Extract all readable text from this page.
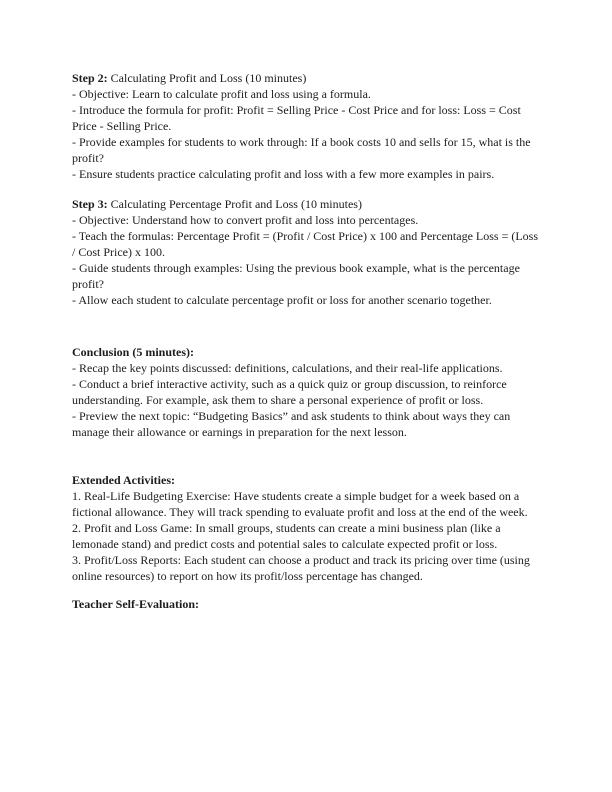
Step 2: Calculating Profit and Loss (10 minutes)
- Objective: Learn to calculate profit and loss using a formula.
- Introduce the formula for profit: Profit = Selling Price - Cost Price and for loss: Loss = Cost
Price - Selling Price.
- Provide examples for students to work through: If a book costs 10 and sells for 15, what is the
profit?
- Ensure students practice calculating profit and loss with a few more examples in pairs.
Step 3: Calculating Percentage Profit and Loss (10 minutes)
- Objective: Understand how to convert profit and loss into percentages.
- Teach the formulas: Percentage Profit = (Profit / Cost Price) x 100 and Percentage Loss = (Loss
/ Cost Price) x 100.
- Guide students through examples: Using the previous book example, what is the percentage
profit?
- Allow each student to calculate percentage profit or loss for another scenario together.
Conclusion (5 minutes):
- Recap the key points discussed: definitions, calculations, and their real-life applications.
- Conduct a brief interactive activity, such as a quick quiz or group discussion, to reinforce
understanding. For example, ask them to share a personal experience of profit or loss.
- Preview the next topic: “Budgeting Basics” and ask students to think about ways they can
manage their allowance or earnings in preparation for the next lesson.
Extended Activities:
1. Real-Life Budgeting Exercise: Have students create a simple budget for a week based on a
fictional allowance. They will track spending to evaluate profit and loss at the end of the week.
2. Profit and Loss Game: In small groups, students can create a mini business plan (like a
lemonade stand) and predict costs and potential sales to calculate expected profit or loss.
3. Profit/Loss Reports: Each student can choose a product and track its pricing over time (using
online resources) to report on how its profit/loss percentage has changed.
Teacher Self-Evaluation:
